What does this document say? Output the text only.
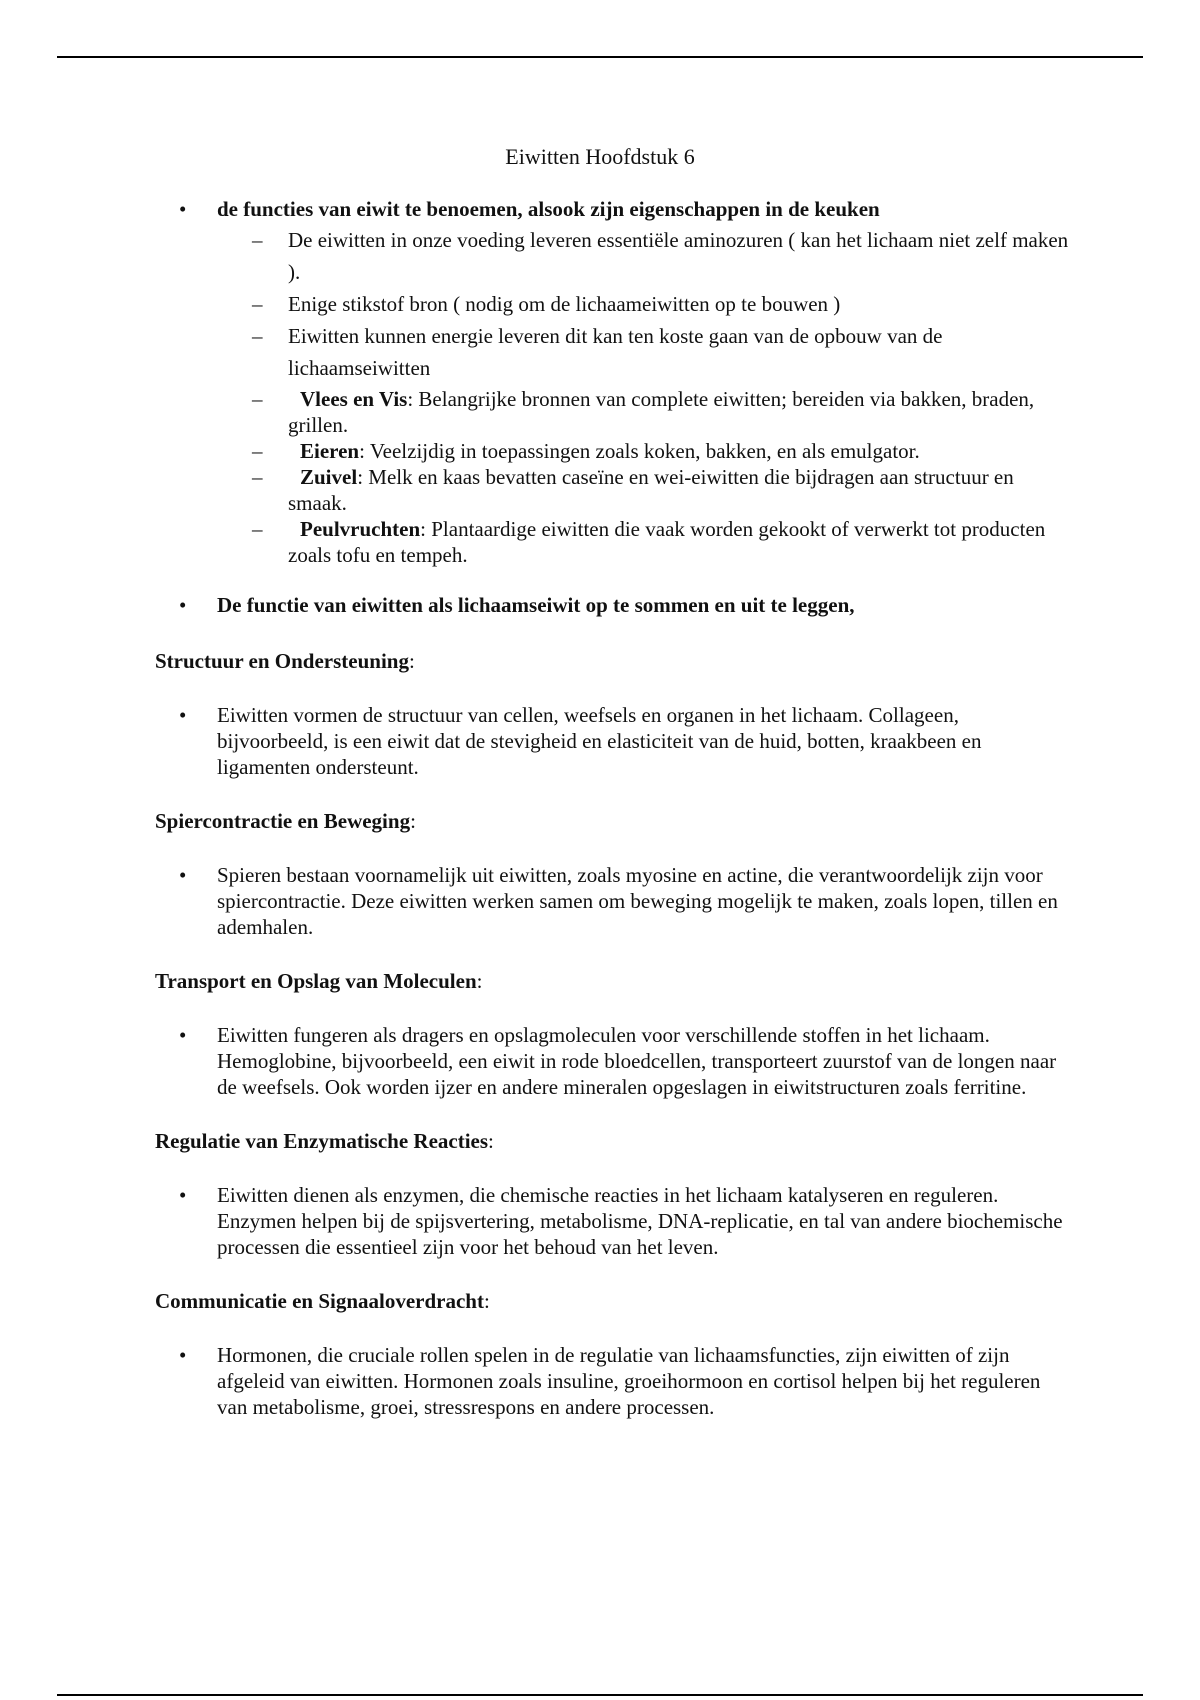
Eiwitten Hoofdstuk 6
• de functies van eiwit te benoemen, alsook zijn eigenschappen in de keuken
– De eiwitten in onze voeding leveren essentiële aminozuren ( kan het lichaam niet zelf maken ).
– Enige stikstof bron ( nodig om de lichaameiwitten op te bouwen )
– Eiwitten kunnen energie leveren dit kan ten koste gaan van de opbouw van de lichaamseiwitten
– Vlees en Vis: Belangrijke bronnen van complete eiwitten; bereiden via bakken, braden, grillen.
– Eieren: Veelzijdig in toepassingen zoals koken, bakken, en als emulgator.
– Zuivel: Melk en kaas bevatten caseïne en wei-eiwitten die bijdragen aan structuur en smaak.
– Peulvruchten: Plantaardige eiwitten die vaak worden gekookt of verwerkt tot producten zoals tofu en tempeh.
• De functie van eiwitten als lichaamseiwit op te sommen en uit te leggen,
Structuur en Ondersteuning:
• Eiwitten vormen de structuur van cellen, weefsels en organen in het lichaam. Collageen, bijvoorbeeld, is een eiwit dat de stevigheid en elasticiteit van de huid, botten, kraakbeen en ligamenten ondersteunt.

Spiercontractie en Beweging:
• Spieren bestaan voornamelijk uit eiwitten, zoals myosine en actine, die verantwoordelijk zijn voor spiercontractie. Deze eiwitten werken samen om beweging mogelijk te maken, zoals lopen, tillen en ademhalen.

Transport en Opslag van Moleculen:
• Eiwitten fungeren als dragers en opslagmoleculen voor verschillende stoffen in het lichaam. Hemoglobine, bijvoorbeeld, een eiwit in rode bloedcellen, transporteert zuurstof van de longen naar de weefsels. Ook worden ijzer en andere mineralen opgeslagen in eiwitstructuren zoals ferritine.

Regulatie van Enzymatische Reacties:
• Eiwitten dienen als enzymen, die chemische reacties in het lichaam katalyseren en reguleren. Enzymen helpen bij de spijsvertering, metabolisme, DNA-replicatie, en tal van andere biochemische processen die essentieel zijn voor het behoud van het leven.

Communicatie en Signaaloverdracht:
• Hormonen, die cruciale rollen spelen in de regulatie van lichaamsfuncties, zijn eiwitten of zijn afgeleid van eiwitten. Hormonen zoals insuline, groeihormoon en cortisol helpen bij het reguleren van metabolisme, groei, stressrespons en andere processen.
